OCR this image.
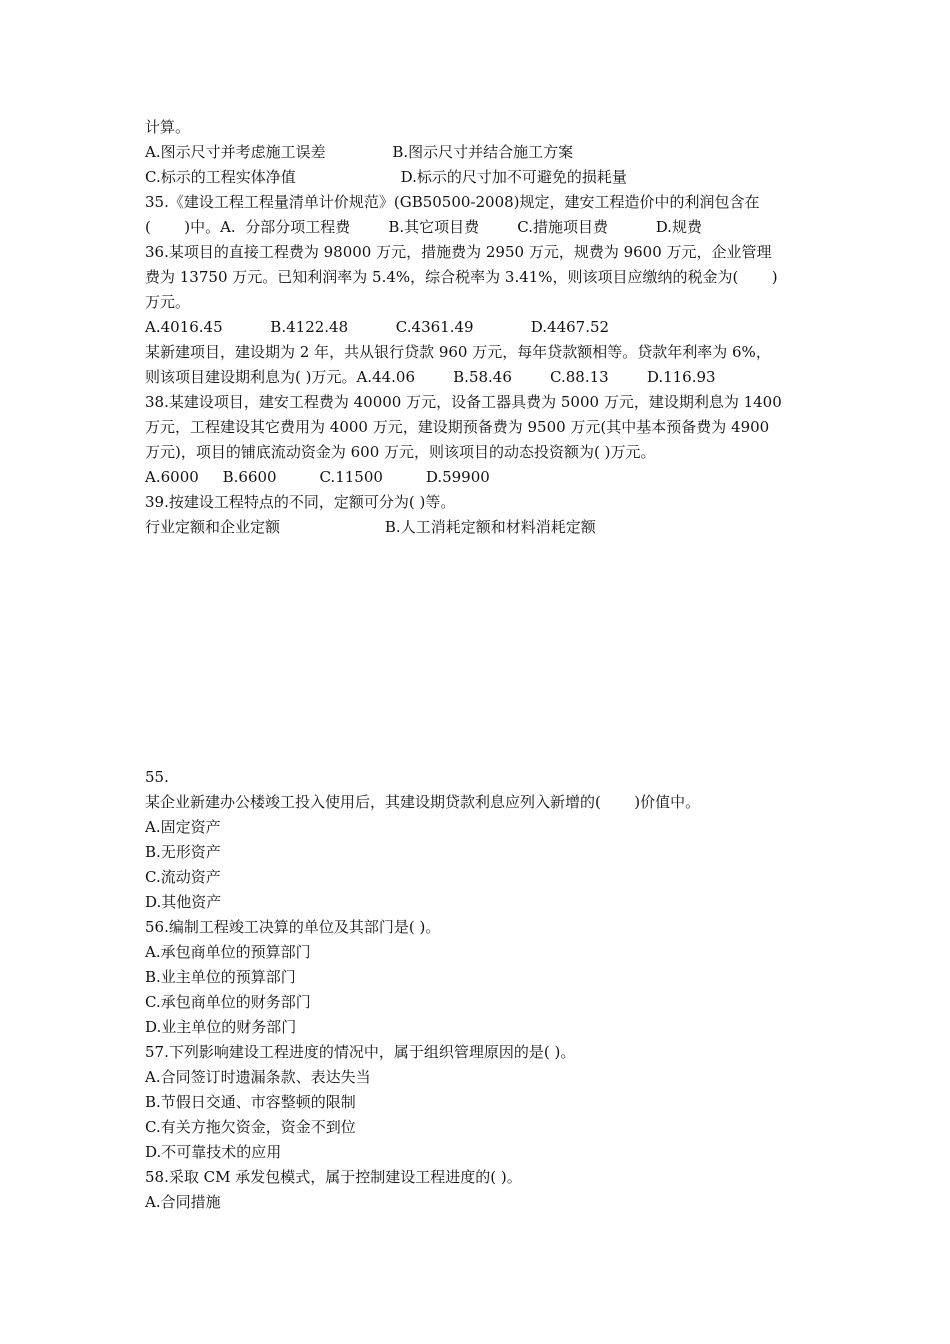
计算。
A.图示尺寸并考虑施工误差              B.图示尺寸并结合施工方案
C.标示的工程实体净值                      D.标示的尺寸加不可避免的损耗量
35.《建设工程工程量清单计价规范》(GB50500-2008)规定，建安工程造价中的利润包含在
(       )中。A.  分部分项工程费        B.其它项目费        C.措施项目费          D.规费
36.某项目的直接工程费为 98000 万元，措施费为 2950 万元，规费为 9600 万元，企业管理
费为 13750 万元。已知利润率为 5.4%，综合税率为 3.41%，则该项目应缴纳的税金为(       )
万元。
A.4016.45          B.4122.48          C.4361.49            D.4467.52
某新建项目，建设期为 2 年，共从银行贷款 960 万元，每年贷款额相等。贷款年利率为 6%，
则该项目建设期利息为( )万元。A.44.06        B.58.46        C.88.13        D.116.93
38.某建设项目，建安工程费为 40000 万元，设备工器具费为 5000 万元，建设期利息为 1400
万元，工程建设其它费用为 4000 万元，建设期预备费为 9500 万元(其中基本预备费为 4900
万元)，项目的铺底流动资金为 600 万元，则该项目的动态投资额为( )万元。
A.6000     B.6600         C.11500         D.59900
39.按建设工程特点的不同，定额可分为( )等。
行业定额和企业定额                      B.人工消耗定额和材料消耗定额
55.
某企业新建办公楼竣工投入使用后，其建设期贷款利息应列入新增的(       )价值中。
A.固定资产
B.无形资产
C.流动资产
D.其他资产
56.编制工程竣工决算的单位及其部门是( )。
A.承包商单位的预算部门
B.业主单位的预算部门
C.承包商单位的财务部门
D.业主单位的财务部门
57.下列影响建设工程进度的情况中，属于组织管理原因的是( )。
A.合同签订时遗漏条款、表达失当
B.节假日交通、市容整顿的限制
C.有关方拖欠资金，资金不到位
D.不可靠技术的应用
58.采取 CM 承发包模式，属于控制建设工程进度的( )。
A.合同措施
